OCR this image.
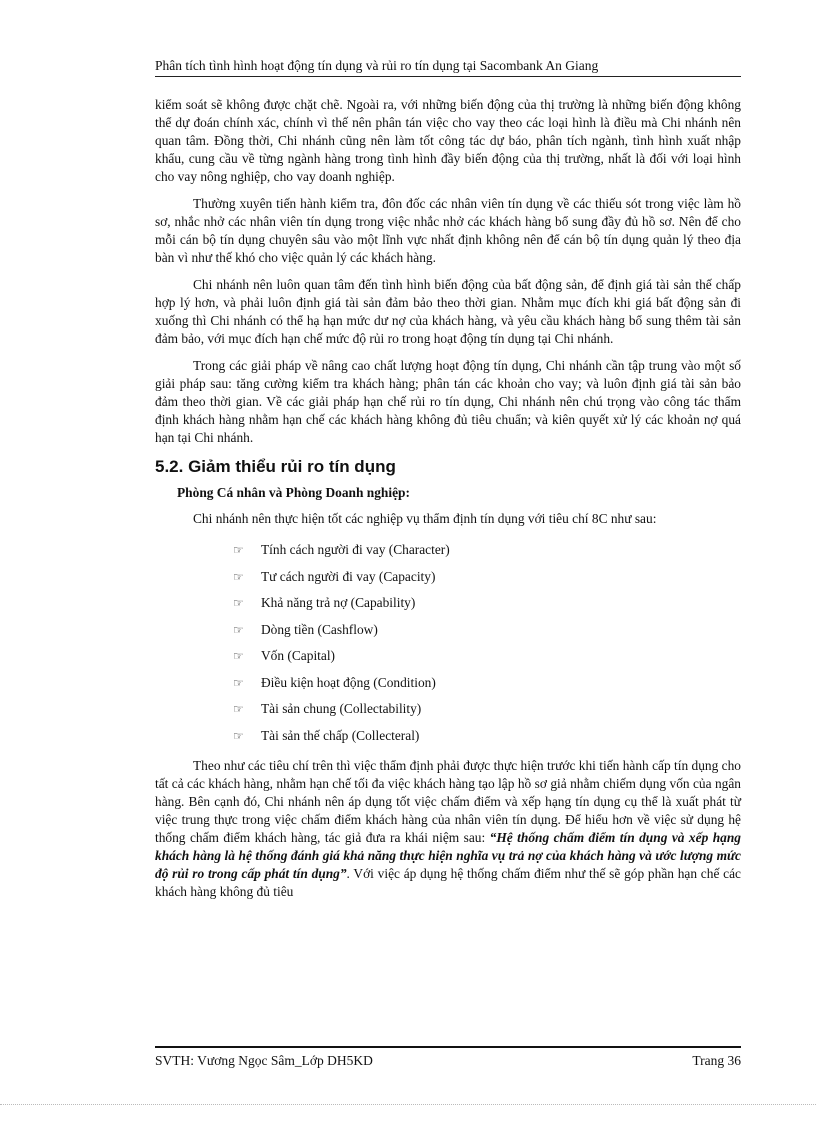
Phân tích tình hình hoạt động tín dụng và rủi ro tín dụng tại Sacombank An Giang

kiểm soát sẽ không được chặt chẽ. Ngoài ra, với những biến động của thị trường là những biến động không thể dự đoán chính xác, chính vì thế nên phân tán việc cho vay theo các loại hình là điều mà Chi nhánh nên quan tâm. Đồng thời, Chi nhánh cũng nên làm tốt công tác dự báo, phân tích ngành, tình hình xuất nhập khẩu, cung cầu về từng ngành hàng trong tình hình đầy biến động của thị trường, nhất là đối với loại hình cho vay nông nghiệp, cho vay doanh nghiệp.

Thường xuyên tiến hành kiểm tra, đôn đốc các nhân viên tín dụng về các thiếu sót trong việc làm hồ sơ, nhắc nhở các nhân viên tín dụng trong việc nhắc nhở các khách hàng bổ sung đầy đủ hồ sơ. Nên để cho mỗi cán bộ tín dụng chuyên sâu vào một lĩnh vực nhất định không nên để cán bộ tín dụng quản lý theo địa bàn vì như thế khó cho việc quản lý các khách hàng.

Chi nhánh nên luôn quan tâm đến tình hình biến động của bất động sản, để định giá tài sản thế chấp hợp lý hơn, và phải luôn định giá tài sản đảm bảo theo thời gian. Nhằm mục đích khi giá bất động sản đi xuống thì Chi nhánh có thể hạ hạn mức dư nợ của khách hàng, và yêu cầu khách hàng bổ sung thêm tài sản đảm bảo, với mục đích hạn chế mức độ rủi ro trong hoạt động tín dụng tại Chi nhánh.

Trong các giải pháp về nâng cao chất lượng hoạt động tín dụng, Chi nhánh cần tập trung vào một số giải pháp sau: tăng cường kiểm tra khách hàng; phân tán các khoản cho vay; và luôn định giá tài sản bảo đảm theo thời gian. Về các giải pháp hạn chế rủi ro tín dụng, Chi nhánh nên chú trọng vào công tác thẩm định khách hàng nhằm hạn chế các khách hàng không đủ tiêu chuẩn; và kiên quyết xử lý các khoản nợ quá hạn tại Chi nhánh.

5.2. Giảm thiểu rủi ro tín dụng
Phòng Cá nhân và Phòng Doanh nghiệp:

Chi nhánh nên thực hiện tốt các nghiệp vụ thẩm định tín dụng với tiêu chí 8C như sau:

☞	Tính cách người đi vay (Character)
☞	Tư cách người đi vay (Capacity)
☞	Khả năng trả nợ (Capability)
☞	Dòng tiền (Cashflow)
☞	Vốn (Capital)
☞	Điều kiện hoạt động (Condition)
☞	Tài sản chung (Collectability)
☞	Tài sản thế chấp (Collecteral)

Theo như các tiêu chí trên thì việc thẩm định phải được thực hiện trước khi tiến hành cấp tín dụng cho tất cả các khách hàng, nhằm hạn chế tối đa việc khách hàng tạo lập hồ sơ giả nhằm chiếm dụng vốn của ngân hàng. Bên cạnh đó, Chi nhánh nên áp dụng tốt việc chấm điểm và xếp hạng tín dụng cụ thể là xuất phát từ việc trung thực trong việc chấm điểm khách hàng của nhân viên tín dụng. Để hiểu hơn về việc sử dụng hệ thống chấm điểm khách hàng, tác giả đưa ra khái niệm sau: “Hệ thống chấm điểm tín dụng và xếp hạng khách hàng là hệ thống đánh giá khả năng thực hiện nghĩa vụ trả nợ của khách hàng và ước lượng mức độ rủi ro trong cấp phát tín dụng”. Với việc áp dụng hệ thống chấm điểm như thế sẽ góp phần hạn chế các khách hàng không đủ tiêu

SVTH: Vương Ngọc Sâm_Lớp DH5KD	Trang 36
